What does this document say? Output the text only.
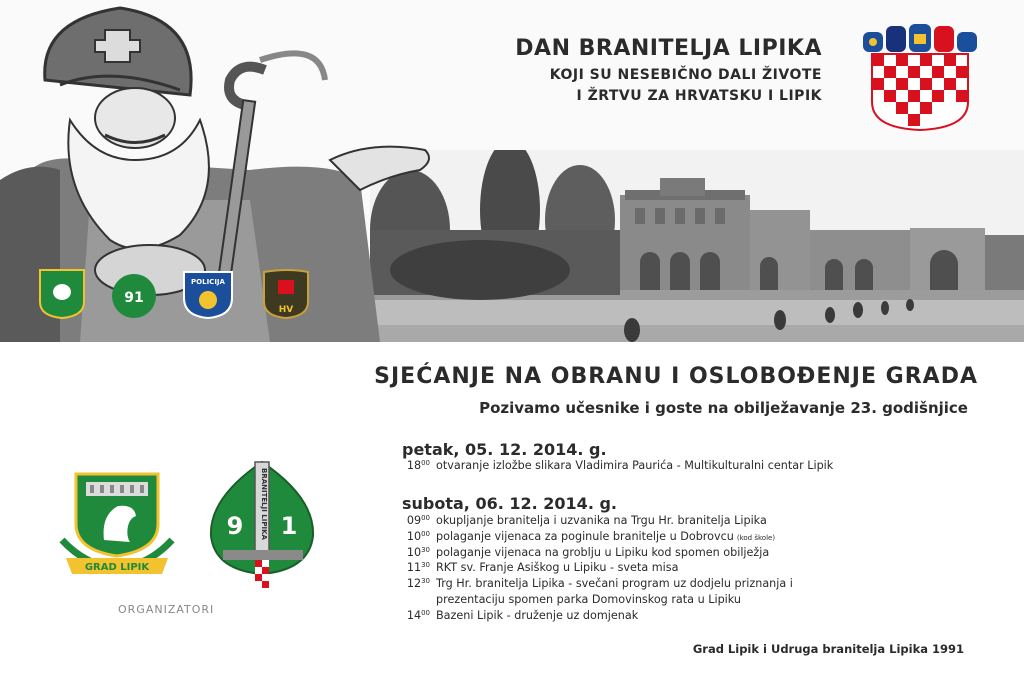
DAN BRANITELJA LIPIKA
KOJI SU NESEBIČNO DALI ŽIVOTE
I ŽRTVU ZA HRVATSKU I LIPIK
91
POLICIJA
HV
SJEĆANJE NA OBRANU I OSLOBOĐENJE GRADA
Pozivamo učesnike i goste na obilježavanje 23. godišnjice
petak, 05. 12. 2014. g.
$18^{00}$ otvaranje izložbe slikara Vladimira Paurića - Multikulturalni centar Lipik
subota, 06. 12. 2014. g.
$09^{00}$ okupljanje branitelja i uzvanika na Trgu Hr. branitelja Lipika
$10^{00}$ polaganje vijenaca za poginule branitelje u Dobrovcu (kod škole)
$10^{30}$ polaganje vijenaca na groblju u Lipiku kod spomen obilježja
$11^{30}$ RKT sv. Franje Asiškog u Lipiku - sveta misa
$12^{30}$ Trg Hr. branitelja Lipika - svečani program uz dodjelu priznanja i
prezentaciju spomen parka Domovinskog rata u Lipiku
$14^{00}$ Bazeni Lipik - druženje uz domjenak
GRAD LIPIK
BRANITELJI LIPIKA
9 1
ORGANIZATORI
Grad Lipik i Udruga branitelja Lipika 1991
